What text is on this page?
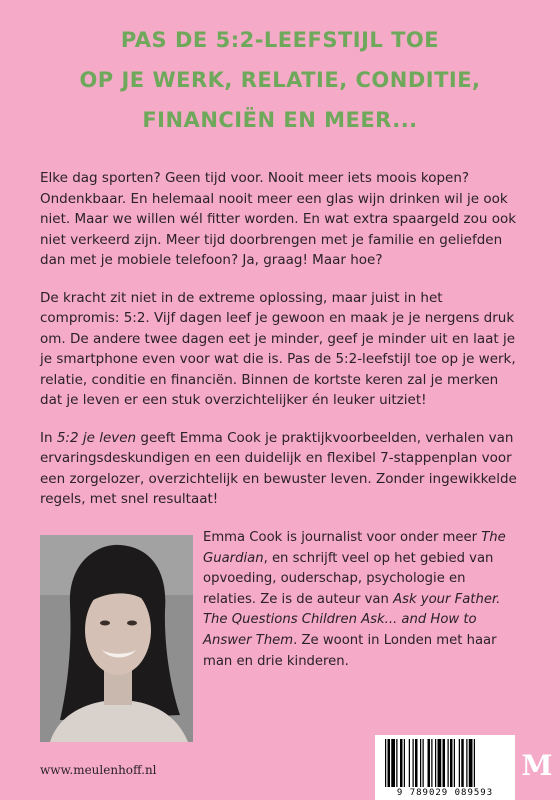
PAS DE 5:2-LEEFSTIJL TOE
OP JE WERK, RELATIE, CONDITIE,
FINANCIËN EN MEER...

Elke dag sporten? Geen tijd voor. Nooit meer iets moois kopen? Ondenkbaar. En helemaal nooit meer een glas wijn drinken wil je ook niet. Maar we willen wél fitter worden. En wat extra spaargeld zou ook niet verkeerd zijn. Meer tijd doorbrengen met je familie en geliefden dan met je mobiele telefoon? Ja, graag! Maar hoe?

De kracht zit niet in de extreme oplossing, maar juist in het compromis: 5:2. Vijf dagen leef je gewoon en maak je je nergens druk om. De andere twee dagen eet je minder, geef je minder uit en laat je je smartphone even voor wat die is. Pas de 5:2-leefstijl toe op je werk, relatie, conditie en financiën. Binnen de kortste keren zal je merken dat je leven er een stuk overzichtelijker én leuker uitziet!

In 5:2 je leven geeft Emma Cook je praktijkvoorbeelden, verhalen van ervaringsdeskundigen en een duidelijk en flexibel 7-stappenplan voor een zorgelozer, overzichtelijk en bewuster leven. Zonder ingewikkelde regels, met snel resultaat!

Emma Cook is journalist voor onder meer The Guardian, en schrijft veel op het gebied van opvoeding, ouderschap, psychologie en relaties. Ze is de auteur van Ask your Father. The Questions Children Ask... and How to Answer Them. Ze woont in Londen met haar man en drie kinderen.
www.meulenhoff.nl
9 789029 089593
M
